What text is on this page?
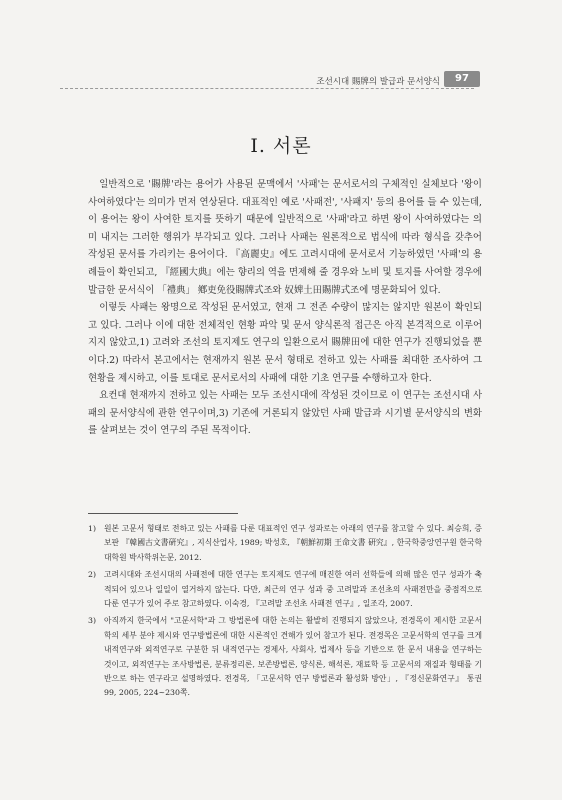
조선시대 賜牌의 발급과 문서양식	97
I. 서론

일반적으로 '賜牌'라는 용어가 사용된 문맥에서 '사패'는 문서로서의 구체적인 실체보다 '왕이 사여하였다'는 의미가 먼저 연상된다. 대표적인 예로 '사패전', '사패지' 등의 용어를 들 수 있는데, 이 용어는 왕이 사여한 토지를 뜻하기 때문에 일반적으로 '사패'라고 하면 왕이 사여하였다는 의미 내지는 그러한 행위가 부각되고 있다. 그러나 사패는 원론적으로 법식에 따라 형식을 갖추어 작성된 문서를 가리키는 용어이다. 『高麗史』에도 고려시대에 문서로서 기능하였던 '사패'의 용례들이 확인되고, 『經國大典』에는 향리의 역을 면제해 줄 경우와 노비 및 토지를 사여할 경우에 발급한 문서식이 「禮典」 鄕吏免役賜牌式조와 奴婢土田賜牌式조에 명문화되어 있다.

이렇듯 사패는 왕명으로 작성된 문서였고, 현재 그 전존 수량이 많지는 않지만 원본이 확인되고 있다. 그러나 이에 대한 전체적인 현황 파악 및 문서 양식론적 접근은 아직 본격적으로 이루어지지 않았고,1) 고려와 조선의 토지제도 연구의 일환으로서 賜牌田에 대한 연구가 진행되었을 뿐이다.2) 따라서 본고에서는 현재까지 원본 문서 형태로 전하고 있는 사패를 최대한 조사하여 그 현황을 제시하고, 이를 토대로 문서로서의 사패에 대한 기초 연구를 수행하고자 한다.

요컨대 현재까지 전하고 있는 사패는 모두 조선시대에 작성된 것이므로 이 연구는 조선시대 사패의 문서양식에 관한 연구이며,3) 기존에 거론되지 않았던 사패 발급과 시기별 문서양식의 변화를 살펴보는 것이 연구의 주된 목적이다.

1)	원본 고문서 형태로 전하고 있는 사패를 다룬 대표적인 연구 성과로는 아래의 연구를 참고할 수 있다. 최승희, 증보판 『韓國古文書硏究』, 지식산업사, 1989; 박성호, 『朝鮮初期 王命文書 硏究』, 한국학중앙연구원 한국학대학원 박사학위논문, 2012.
2)	고려시대와 조선시대의 사패전에 대한 연구는 토지제도 연구에 매진한 여러 선학들에 의해 많은 연구 성과가 축적되어 있으나 일일이 열거하지 않는다. 다만, 최근의 연구 성과 중 고려말과 조선초의 사패전만을 중점적으로 다룬 연구가 있어 주로 참고하였다. 이숙경, 『고려말 조선초 사패전 연구』, 일조각, 2007.
3)	아직까지 한국에서 "고문서학"과 그 방법론에 대한 논의는 활발히 진행되지 않았으나, 전경목이 제시한 고문서학의 세부 분야 제시와 연구방법론에 대한 시론적인 견해가 있어 참고가 된다. 전경목은 고문서학의 연구를 크게 내적연구와 외적연구로 구분한 뒤 내적연구는 경제사, 사회사, 법제사 등을 기반으로 한 문서 내용을 연구하는 것이고, 외적연구는 조사방법론, 분류정리론, 보존방법론, 양식론, 해석론, 재료학 등 고문서의 재질과 형태를 기반으로 하는 연구라고 설명하였다. 전경목, 「고문서학 연구 방법론과 활성화 방안」, 『정신문화연구』 통권99, 2005, 224~230쪽.
